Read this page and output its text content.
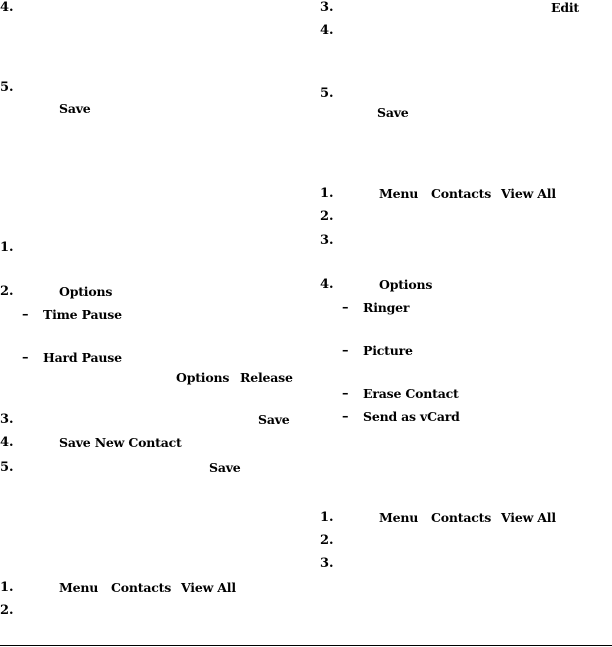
4.
5.
Save
1.
2.	Options
– Time Pause
– Hard Pause
Options Release
3.	Save
4.	Save New Contact
5.	Save
1.	Menu Contacts View All
2.
3.	Edit
4.
5.
Save
1.	Menu Contacts View All
2.
3.
4.	Options
– Ringer
– Picture
– Erase Contact
– Send as vCard
1.	Menu Contacts View All
2.
3.
